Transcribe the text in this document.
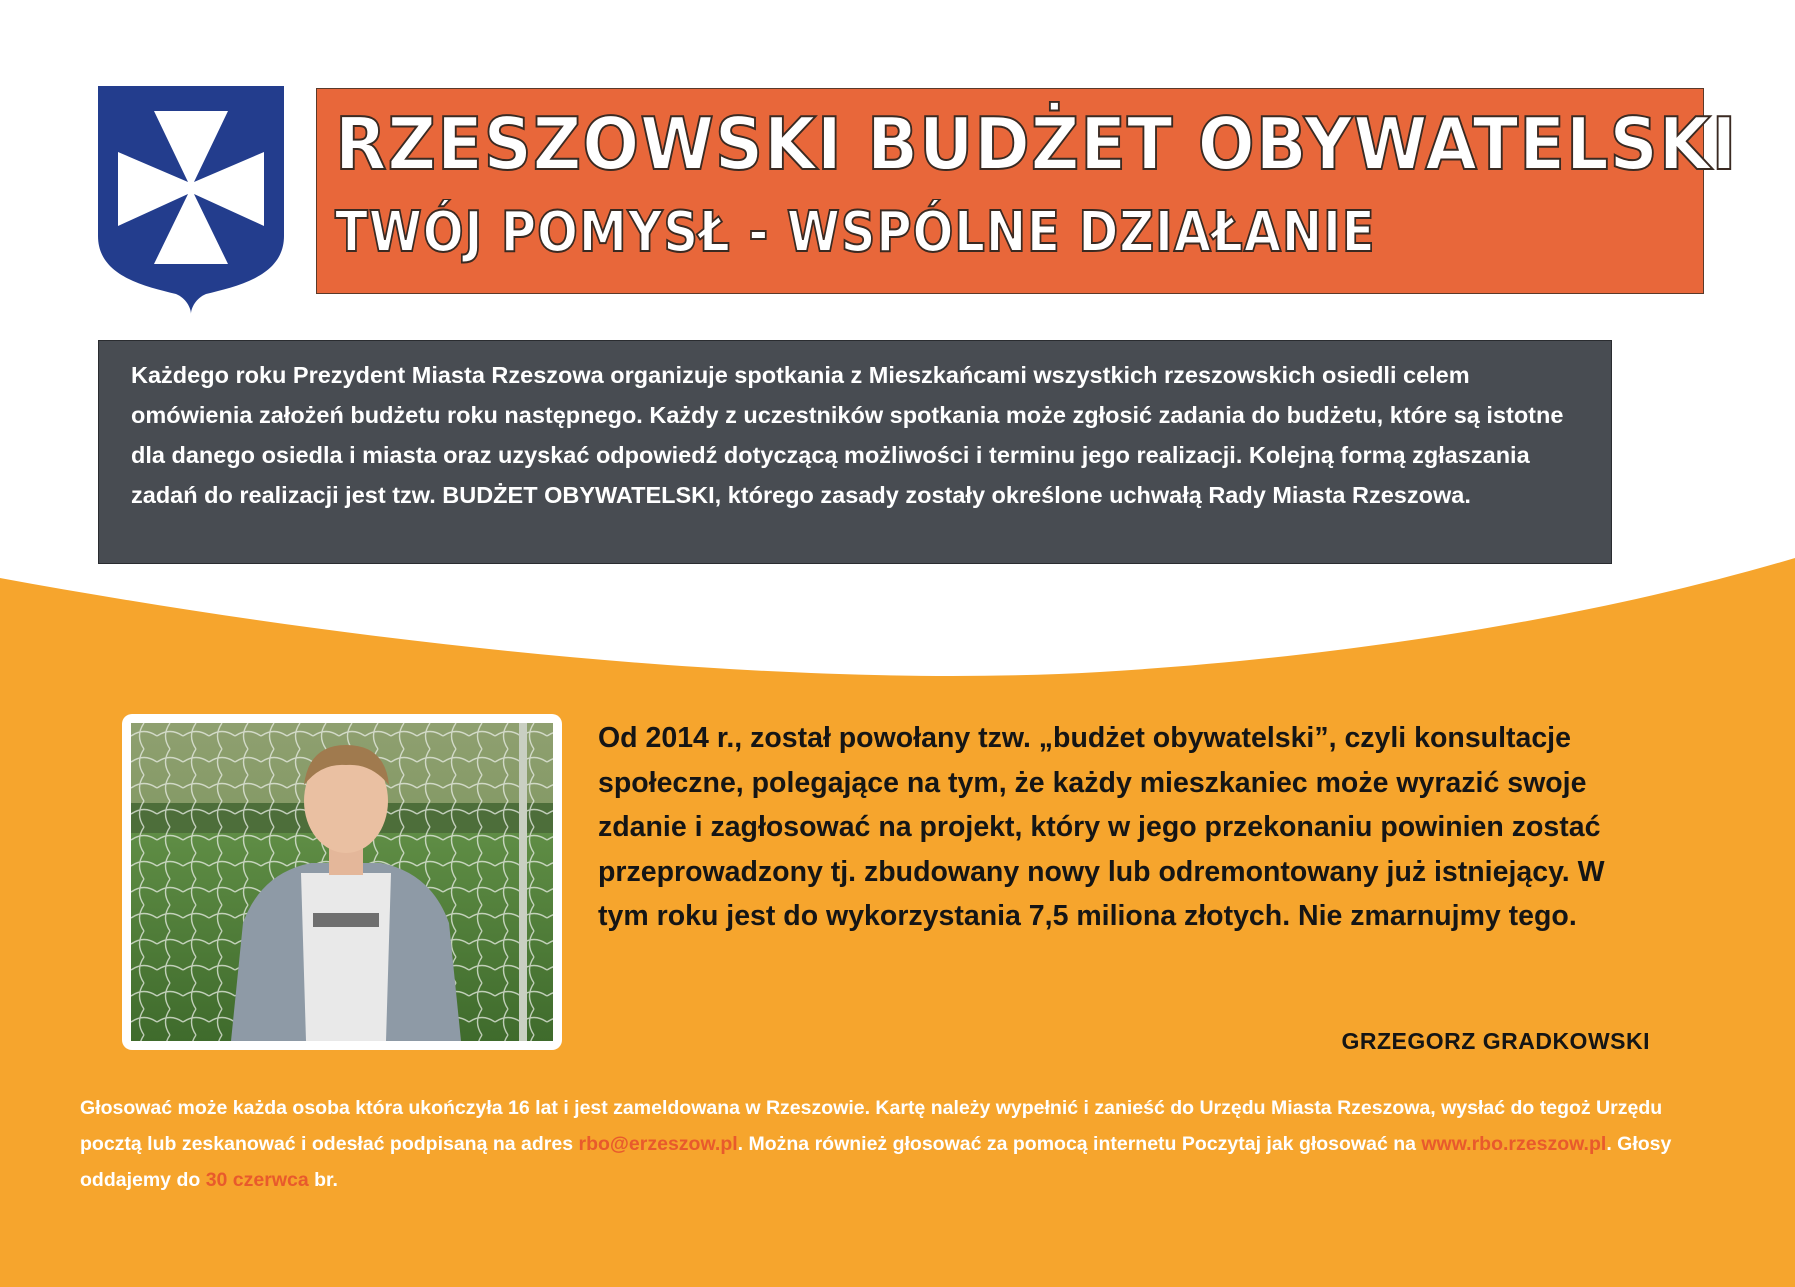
RZESZOWSKI BUDŻET OBYWATELSKI
TWÓJ POMYSŁ - WSPÓLNE DZIAŁANIE

Każdego roku Prezydent Miasta Rzeszowa organizuje spotkania z Mieszkańcami wszystkich rzeszowskich osiedli celem omówienia założeń budżetu roku następnego. Każdy z uczestników spotkania może zgłosić zadania do budżetu, które są istotne dla danego osiedla i miasta oraz uzyskać odpowiedź dotyczącą możliwości i terminu jego realizacji. Kolejną formą zgłaszania zadań do realizacji jest tzw. BUDŻET OBYWATELSKI, którego zasady zostały określone uchwałą Rady Miasta Rzeszowa.

Od 2014 r., został powołany tzw. „budżet obywatelski”, czyli konsultacje społeczne, polegające na tym, że każdy mieszkaniec może wyrazić swoje zdanie i zagłosować na projekt, który w jego przekonaniu powinien zostać przeprowadzony tj. zbudowany nowy lub odremontowany już istniejący. W tym roku jest do wykorzystania 7,5 miliona złotych. Nie zmarnujmy tego.

GRZEGORZ GRADKOWSKI

Głosować może każda osoba która ukończyła 16 lat i jest zameldowana w Rzeszowie. Kartę należy wypełnić i zanieść do Urzędu Miasta Rzeszowa, wysłać do tegoż Urzędu pocztą lub zeskanować i odesłać podpisaną na adres rbo@erzeszow.pl. Można również głosować za pomocą internetu Poczytaj jak głosować na www.rbo.rzeszow.pl. Głosy oddajemy do 30 czerwca br.
